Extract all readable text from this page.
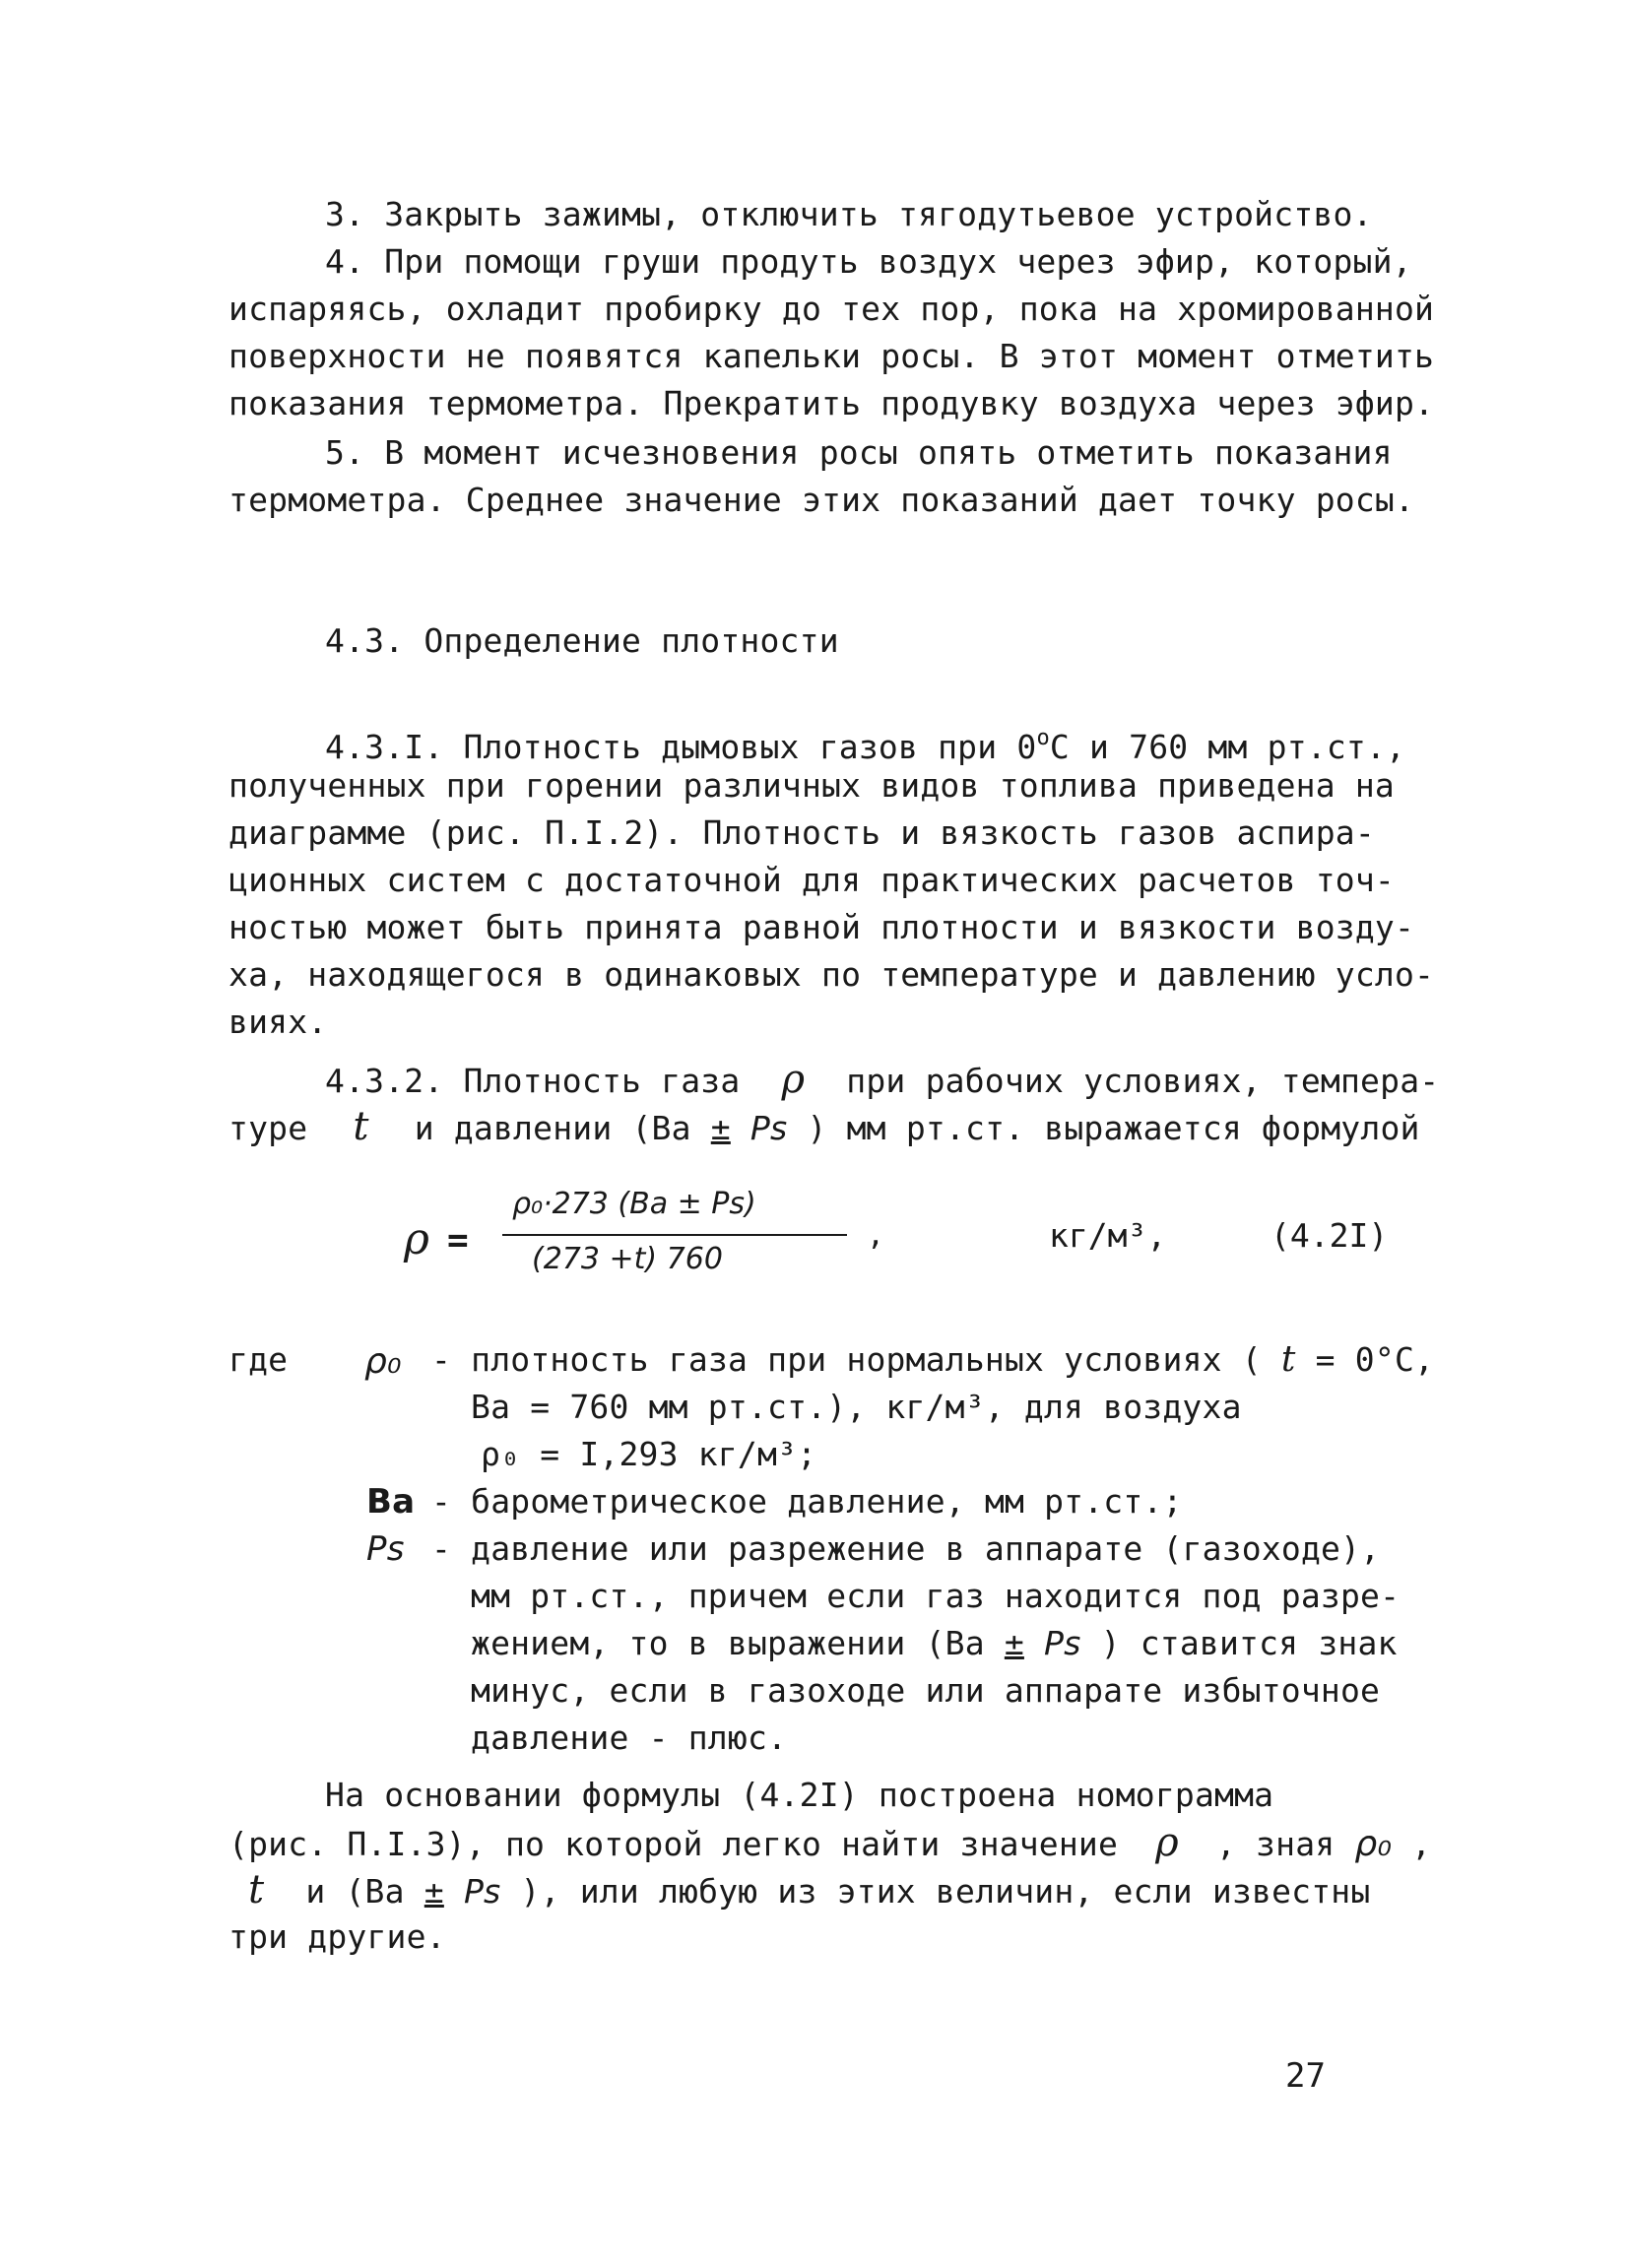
3. Закрыть зажимы, отключить тягодутьевое устройство.
4. При помощи груши продуть воздух через эфир, который,
испаряясь, охладит пробирку до тех пор, пока на хромированной
поверхности не появятся капельки росы. В этот момент отметить
показания термометра. Прекратить продувку воздуха через эфир.
5. В момент исчезновения росы опять отметить показания
термометра. Среднее значение этих показаний дает точку росы.
4.3. Определение плотности
4.3.I. Плотность дымовых газов при $0^оС$ и 760 мм рт.ст.,
полученных при горении различных видов топлива приведена на
диаграмме (рис. П.I.2). Плотность и вязкость газов аспира-
ционных систем с достаточной для практических расчетов точ-
ностью может быть принята равной плотности и вязкости возду-
ха, находящегося в одинаковых по температуре и давлению усло-
виях.
4.3.2. Плотность газа ρ при рабочих условиях, темпера-
туре t и давлении (Ва ± Ps ) мм рт.ст. выражается формулой
ρ =
ρ₀·273 (Ba ± Ps)
(273 +t) 760
,	кг/м³,	(4.2I)
где ρ₀ - плотность газа при нормальных условиях ( t = 0°С,
Ва = 760 мм рт.ст.), кг/м³, для воздуха
ρ₀ = I,293 кг/м³;
Ва - барометрическое давление, мм рт.ст.;
Ps - давление или разрежение в аппарате (газоходе),
мм рт.ст., причем если газ находится под разре-
жением, то в выражении (Ва ± Ps ) ставится знак
минус, если в газоходе или аппарате избыточное
давление - плюс.
На основании формулы (4.2I) построена номограмма
(рис. П.I.3), по которой легко найти значение ρ , зная ρ₀ ,
t и (Ва ± Ps ), или любую из этих величин, если известны
три другие.
27
